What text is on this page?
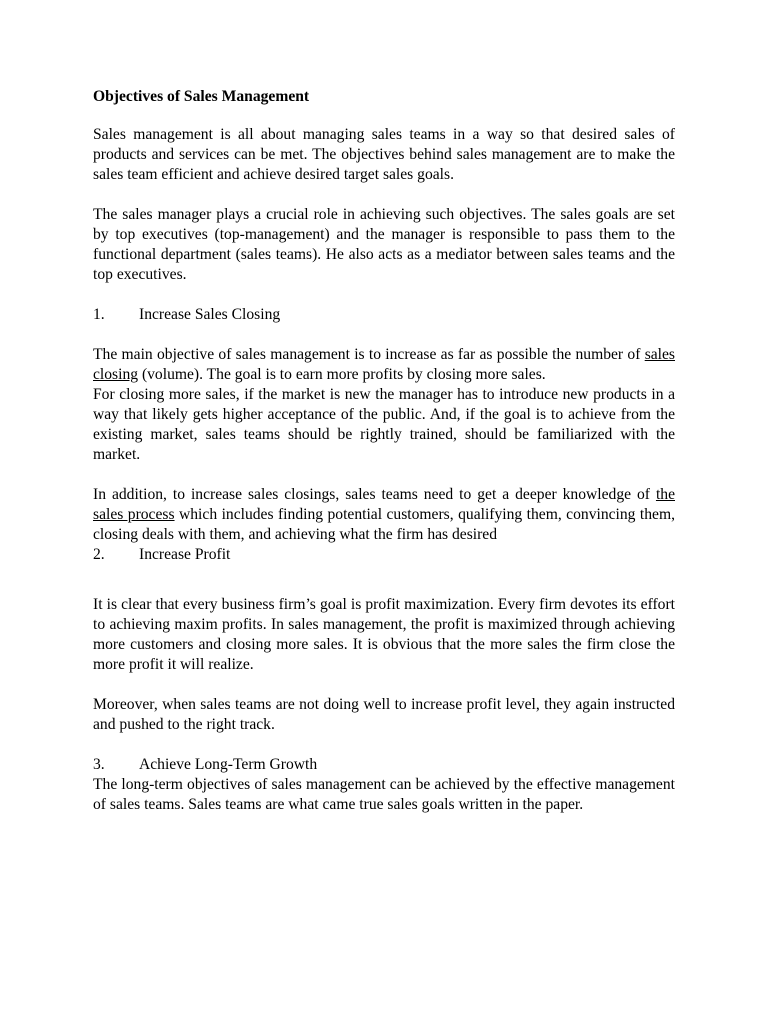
Objectives of Sales Management

Sales management is all about managing sales teams in a way so that desired sales of products and services can be met. The objectives behind sales management are to make the sales team efficient and achieve desired target sales goals.

The sales manager plays a crucial role in achieving such objectives. The sales goals are set by top executives (top-management) and the manager is responsible to pass them to the functional department (sales teams). He also acts as a mediator between sales teams and the top executives.

1.	Increase Sales Closing

The main objective of sales management is to increase as far as possible the number of sales closing (volume). The goal is to earn more profits by closing more sales.

For closing more sales, if the market is new the manager has to introduce new products in a way that likely gets higher acceptance of the public. And, if the goal is to achieve from the existing market, sales teams should be rightly trained, should be familiarized with the market.

In addition, to increase sales closings, sales teams need to get a deeper knowledge of the sales process which includes finding potential customers, qualifying them, convincing them, closing deals with them, and achieving what the firm has desired

2.	Increase Profit

It is clear that every business firm’s goal is profit maximization. Every firm devotes its effort to achieving maxim profits. In sales management, the profit is maximized through achieving more customers and closing more sales. It is obvious that the more sales the firm close the more profit it will realize.

Moreover, when sales teams are not doing well to increase profit level, they again instructed and pushed to the right track.

3.	Achieve Long-Term Growth

The long-term objectives of sales management can be achieved by the effective management of sales teams. Sales teams are what came true sales goals written in the paper.
